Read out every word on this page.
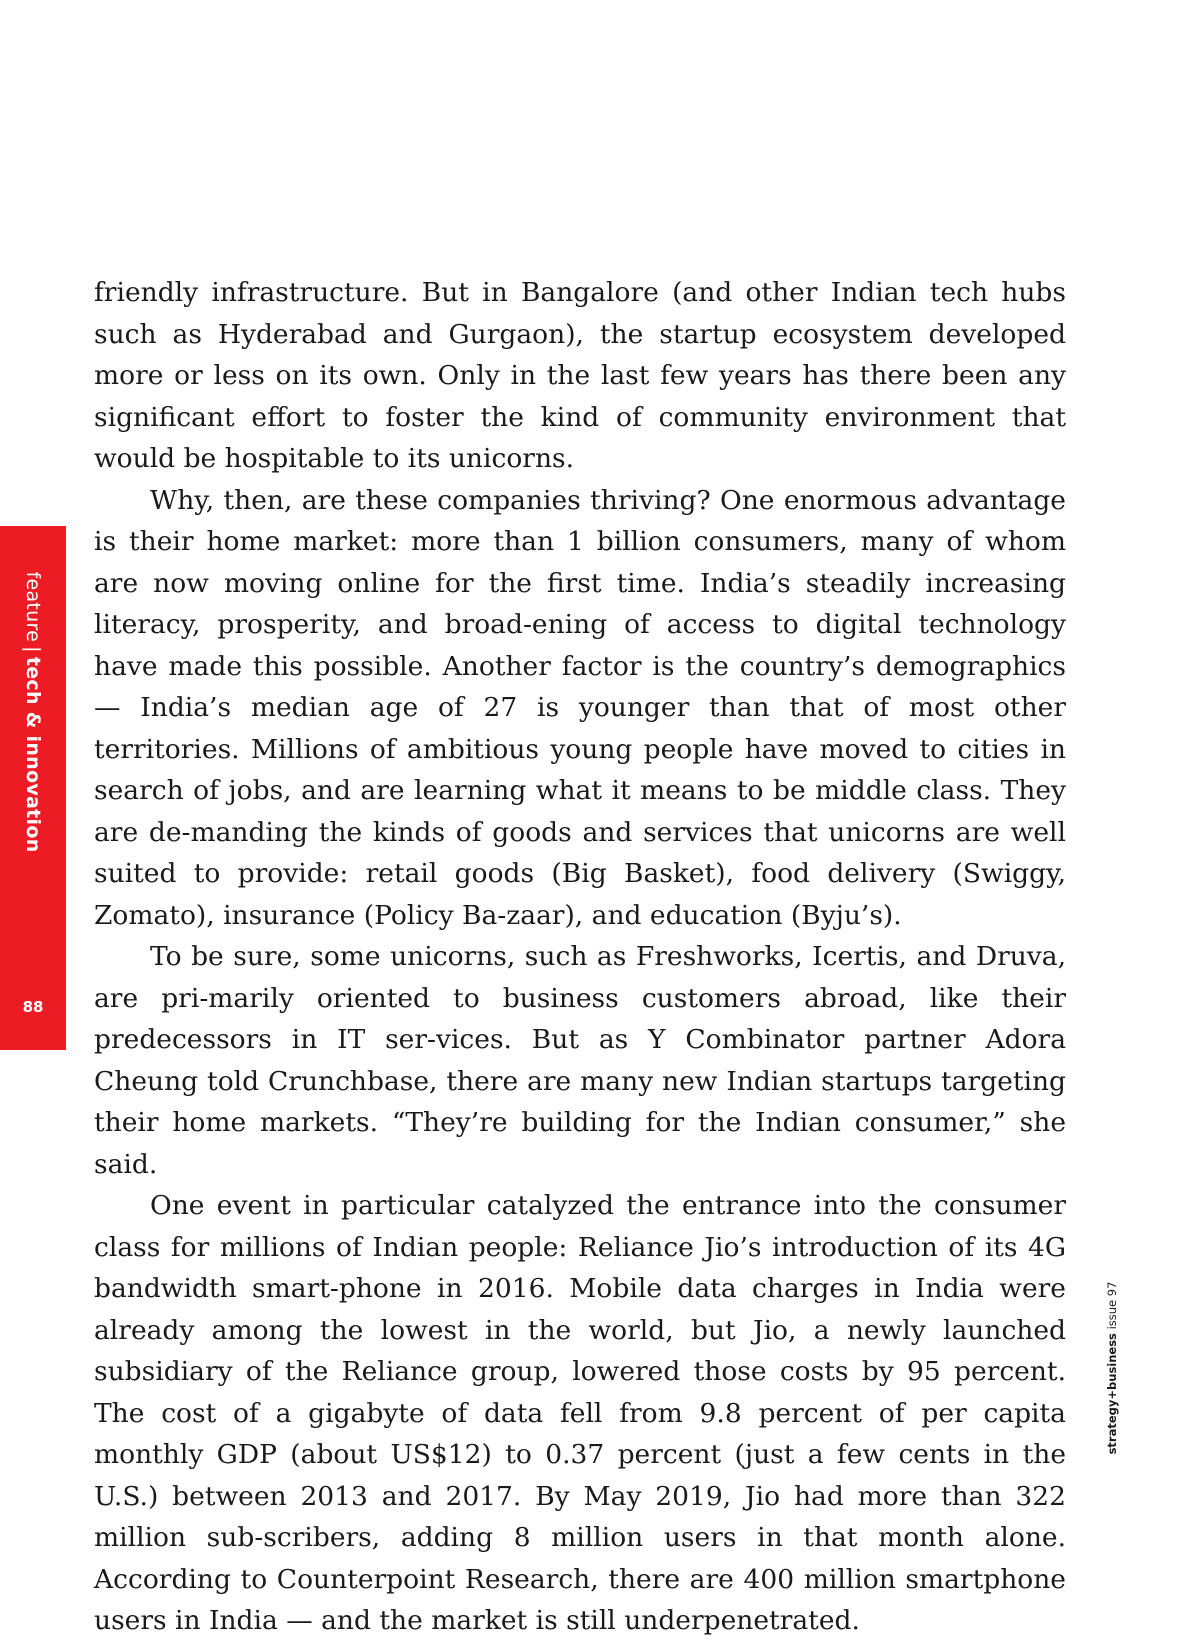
feature|tech & innovation
88

friendly infrastructure. But in Bangalore (and other Indian tech hubs such as Hyderabad and Gurgaon), the startup ecosystem developed more or less on its own. Only in the last few years has there been any significant effort to foster the kind of community environment that would be hospitable to its unicorns.

Why, then, are these companies thriving? One enormous advantage is their home market: more than 1 billion consumers, many of whom are now moving online for the first time. India’s steadily increasing literacy, prosperity, and broad-ening of access to digital technology have made this possible. Another factor is the country’s demographics — India’s median age of 27 is younger than that of most other territories. Millions of ambitious young people have moved to cities in search of jobs, and are learning what it means to be middle class. They are de-manding the kinds of goods and services that unicorns are well suited to provide: retail goods (Big Basket), food delivery (Swiggy, Zomato), insurance (Policy Ba-zaar), and education (Byju’s).

To be sure, some unicorns, such as Freshworks, Icertis, and Druva, are pri-marily oriented to business customers abroad, like their predecessors in IT ser-vices. But as Y Combinator partner Adora Cheung told Crunchbase, there are many new Indian startups targeting their home markets. “They’re building for the Indian consumer,” she said.

One event in particular catalyzed the entrance into the consumer class for millions of Indian people: Reliance Jio’s introduction of its 4G bandwidth smart-phone in 2016. Mobile data charges in India were already among the lowest in the world, but Jio, a newly launched subsidiary of the Reliance group, lowered those costs by 95 percent. The cost of a gigabyte of data fell from 9.8 percent of per capita monthly GDP (about US$12) to 0.37 percent (just a few cents in the U.S.) between 2013 and 2017. By May 2019, Jio had more than 322 million sub-scribers, adding 8 million users in that month alone. According to Counterpoint Research, there are 400 million smartphone users in India — and the market is still underpenetrated.

strategy+business issue 97
